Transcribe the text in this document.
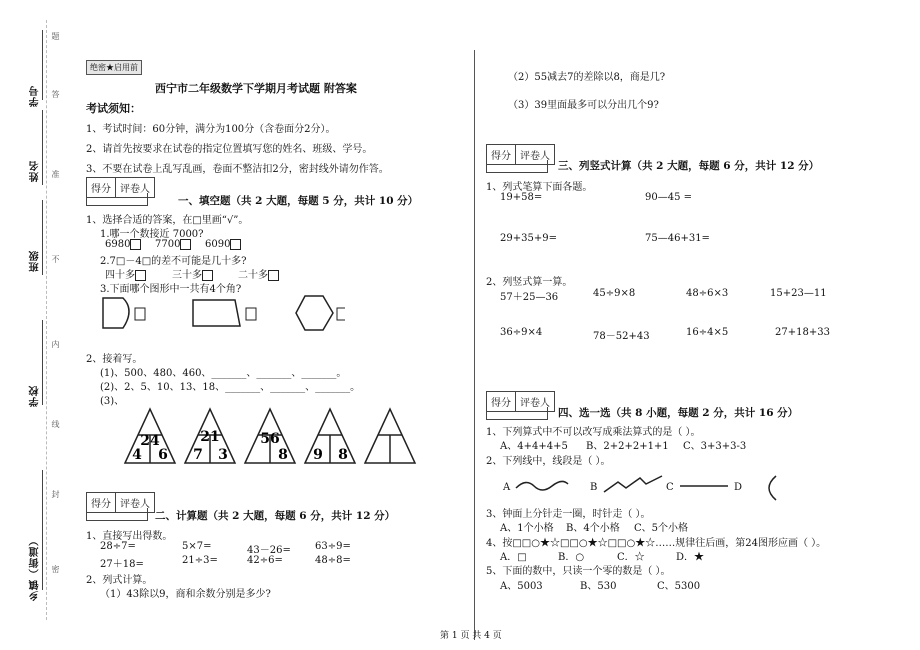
学号
姓名
班级
学校
乡镇（街道）
题
答
准
不
内
线
封
密
绝密★启用前
西宁市二年级数学下学期月考试题 附答案
考试须知：
1、考试时间：60分钟，满分为100分（含卷面分2分）。
2、请首先按要求在试卷的指定位置填写您的姓名、班级、学号。
3、不要在试卷上乱写乱画，卷面不整洁扣2分，密封线外请勿作答。
得分 评卷人
一、填空题（共 2 大题，每题 5 分，共计 10 分）
1、选择合适的答案，在□里画“√”。
1.哪一个数接近 7000?
6980	7700	6090
2.7□－4□的差不可能是几十多?
四十多	三十多	二十多
3.下面哪个图形中一共有4个角?
2、接着写。
(1)、500、480、460、_______、_______、_______。
(2)、2、5、10、13、18、_______、_______、_______。
(3)、
24
4 6
21
7 3
56
8 9 8
得分 评卷人
二、计算题（共 2 大题，每题 6 分，共计 12 分）
1、直接写出得数。
28÷7=	5×7=	43－26= 63÷9=
27＋18=	21÷3=	42÷6=	48÷8=
2、列式计算。
（1）43除以9，商和余数分别是多少?
（2）55减去7的差除以8，商是几?
（3）39里面最多可以分出几个9?
得分 评卷人
三、列竖式计算（共 2 大题，每题 6 分，共计 12 分）
1、列式笔算下面各题。
19+58=	90—45 =
29+35+9=	75—46+31=
2、列竖式算一算。
57＋25—36	45÷9×8	48÷6×3	15+23—11
36÷9×4	78－52+43	16÷4×5	27+18+33
得分 评卷人
四、选一选（共 8 小题，每题 2 分，共计 16 分）
1、下列算式中不可以改写成乘法算式的是（ ）。
A、4+4+4+5 B、2+2+2+1+1 C、3+3+3-3
2、下列线中，线段是（ ）。
A	B	C	D
3、钟面上分针走一圈，时针走（ ）。
A、1个小格 B、4个小格 C、5个小格
4、按□□○★☆□□○★☆□□○★☆……规律往后画，第24图形应画（ ）。
A．□	B．○	C．☆	D．★
5、下面的数中，只读一个零的数是（ ）。
A、5003	B、530	C、5300
第 1 页 共 4 页
